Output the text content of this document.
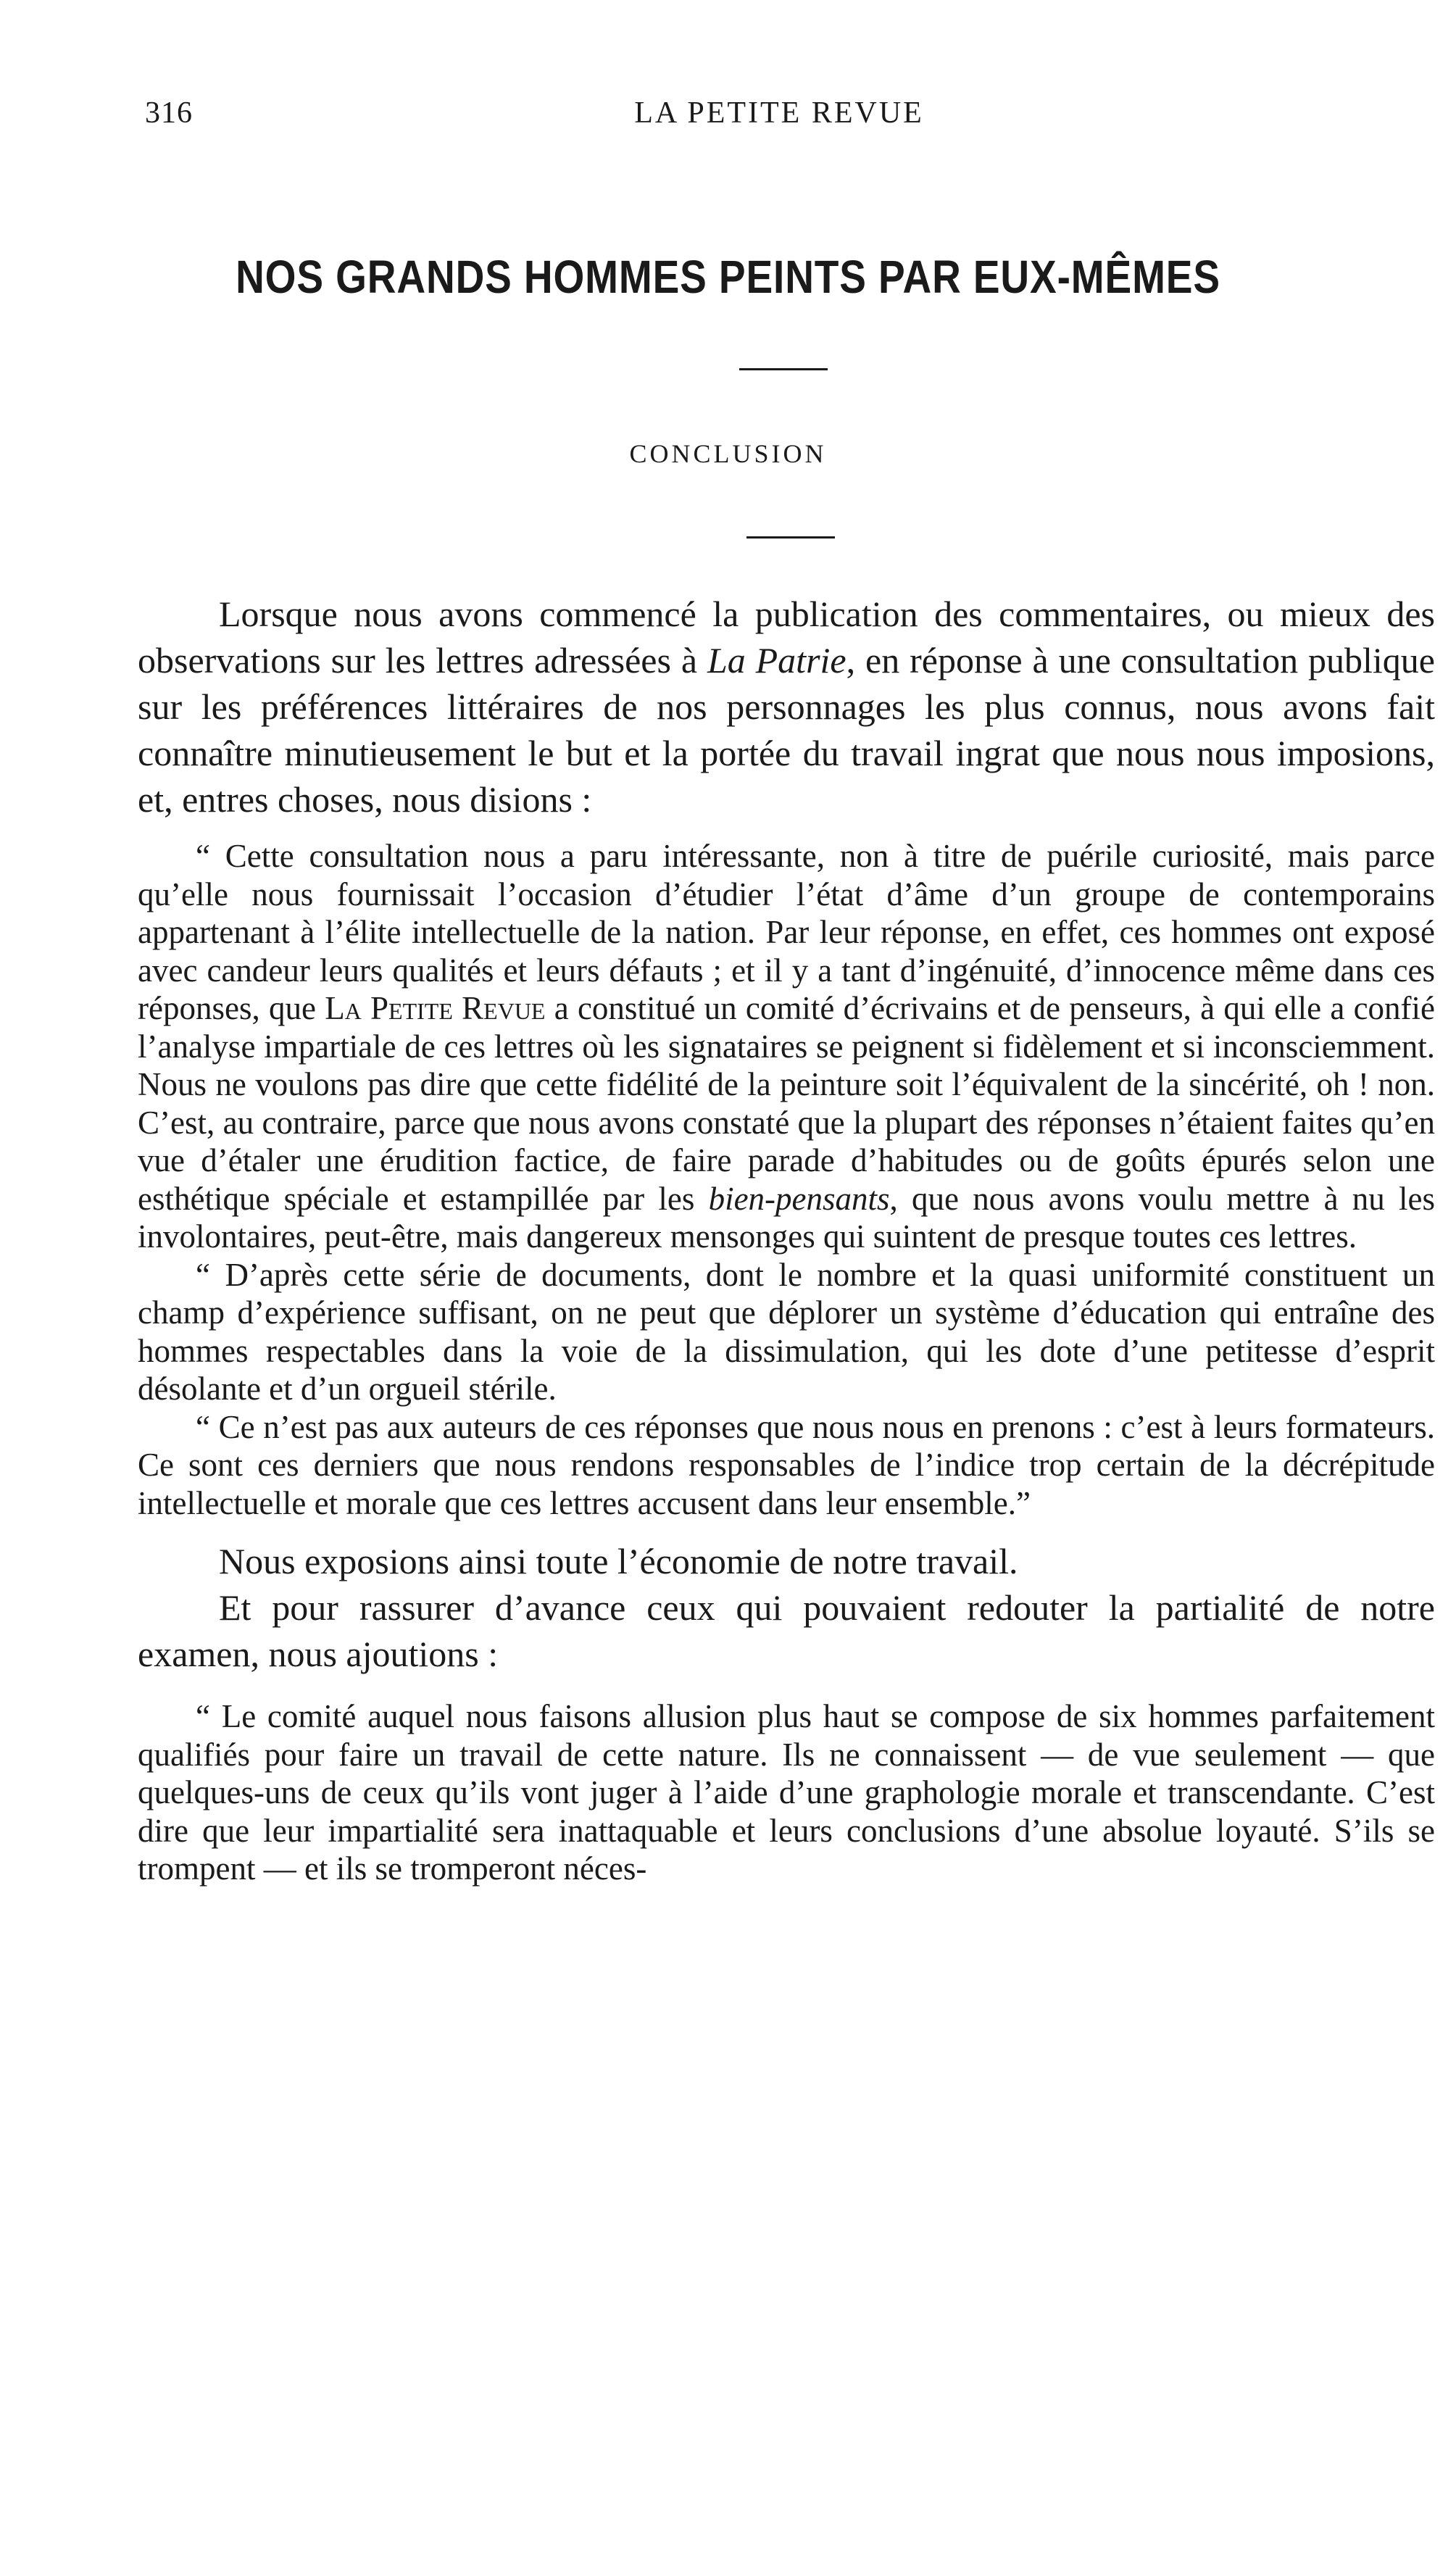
316	LA PETITE REVUE
NOS GRANDS HOMMES PEINTS PAR EUX-MÊMES
CONCLUSION

Lorsque nous avons commencé la publication des commentaires, ou mieux des observations sur les lettres adressées à La Patrie, en réponse à une consultation publique sur les préférences littéraires de nos personnages les plus connus, nous avons fait connaître minutieusement le but et la portée du travail ingrat que nous nous imposions, et, entres choses, nous disions :

“ Cette consultation nous a paru intéressante, non à titre de puérile curiosité, mais parce qu’elle nous fournissait l’occasion d’étudier l’état d’âme d’un groupe de contemporains appartenant à l’élite intellectuelle de la nation. Par leur réponse, en effet, ces hommes ont exposé avec candeur leurs qualités et leurs défauts ; et il y a tant d’ingénuité, d’innocence même dans ces réponses, que La Petite Revue a constitué un comité d’écrivains et de penseurs, à qui elle a confié l’analyse impartiale de ces lettres où les signataires se peignent si fidèlement et si inconsciemment. Nous ne voulons pas dire que cette fidélité de la peinture soit l’équivalent de la sincérité, oh ! non. C’est, au contraire, parce que nous avons constaté que la plupart des réponses n’étaient faites qu’en vue d’étaler une érudition factice, de faire parade d’habitudes ou de goûts épurés selon une esthétique spéciale et estampillée par les bien-pensants, que nous avons voulu mettre à nu les involontaires, peut-être, mais dangereux mensonges qui suintent de presque toutes ces lettres.

“ D’après cette série de documents, dont le nombre et la quasi uniformité constituent un champ d’expérience suffisant, on ne peut que déplorer un système d’éducation qui entraîne des hommes respectables dans la voie de la dissimulation, qui les dote d’une petitesse d’esprit désolante et d’un orgueil stérile.

“ Ce n’est pas aux auteurs de ces réponses que nous nous en prenons : c’est à leurs formateurs. Ce sont ces derniers que nous rendons responsables de l’indice trop certain de la décrépitude intellectuelle et morale que ces lettres accusent dans leur ensemble.”

Nous exposions ainsi toute l’économie de notre travail.

Et pour rassurer d’avance ceux qui pouvaient redouter la partialité de notre examen, nous ajoutions :

“ Le comité auquel nous faisons allusion plus haut se compose de six hommes parfaitement qualifiés pour faire un travail de cette nature. Ils ne connaissent — de vue seulement — que quelques-uns de ceux qu’ils vont juger à l’aide d’une graphologie morale et transcendante. C’est dire que leur impartialité sera inattaquable et leurs conclusions d’une absolue loyauté. S’ils se trompent — et ils se tromperont néces-
